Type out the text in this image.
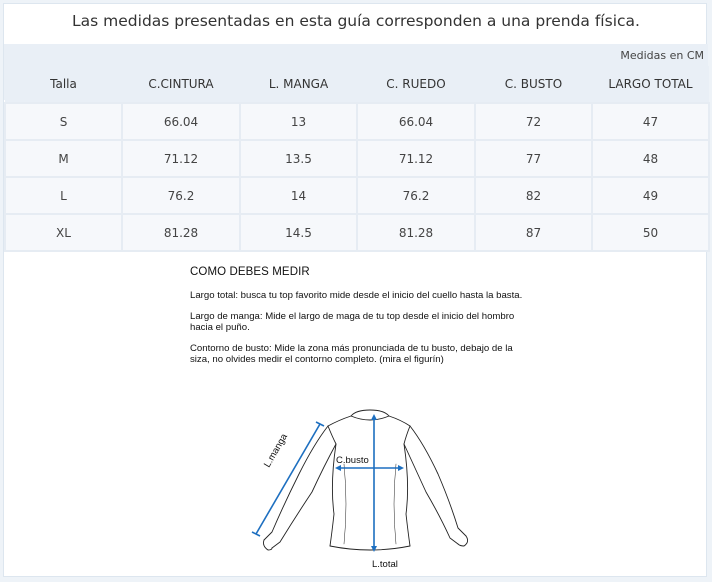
Las medidas presentadas en esta guía corresponden a una prenda física.
Medidas en CM
Talla	C.CINTURA	L. MANGA	C. RUEDO	C. BUSTO	LARGO TOTAL
S	66.04	13	66.04	72	47
M	71.12	13.5	71.12	77	48
L	76.2	14	76.2	82	49
XL	81.28	14.5	81.28	87	50
COMO DEBES MEDIR

Largo total: busca tu top favorito mide desde el inicio del cuello hasta la basta.

Largo de manga: Mide el largo de maga de tu top desde el inicio del hombro hacia el puño.

Contorno de busto: Mide la zona más pronunciada de tu busto, debajo de la siza, no olvides medir el contorno completo. (mira el figurín)

L.manga	C.busto
L.total
